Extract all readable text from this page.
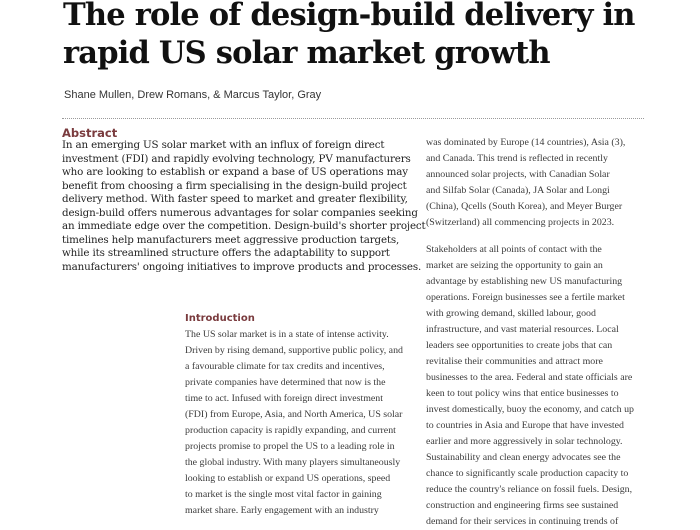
The role of design-build delivery in
rapid US solar market growth
Shane Mullen, Drew Romans, & Marcus Taylor, Gray
Abstract

In an emerging US solar market with an influx of foreign direct
investment (FDI) and rapidly evolving technology, PV manufacturers
who are looking to establish or expand a base of US operations may
benefit from choosing a firm specialising in the design-build project
delivery method. With faster speed to market and greater flexibility,
design-build offers numerous advantages for solar companies seeking
an immediate edge over the competition. Design-build's shorter project
timelines help manufacturers meet aggressive production targets,
while its streamlined structure offers the adaptability to support
manufacturers' ongoing initiatives to improve products and processes.

was dominated by Europe (14 countries), Asia (3),
and Canada. This trend is reflected in recently
announced solar projects, with Canadian Solar
and Silfab Solar (Canada), JA Solar and Longi
(China), Qcells (South Korea), and Meyer Burger
(Switzerland) all commencing projects in 2023.

Stakeholders at all points of contact with the
market are seizing the opportunity to gain an
advantage by establishing new US manufacturing
operations. Foreign businesses see a fertile market
with growing demand, skilled labour, good
infrastructure, and vast material resources. Local
leaders see opportunities to create jobs that can
revitalise their communities and attract more
businesses to the area. Federal and state officials are
keen to tout policy wins that entice businesses to
invest domestically, buoy the economy, and catch up
to countries in Asia and Europe that have invested
earlier and more aggressively in solar technology.
Sustainability and clean energy advocates see the
chance to significantly scale production capacity to
reduce the country's reliance on fossil fuels. Design,
construction and engineering firms see sustained
demand for their services in continuing trends of

Introduction

The US solar market is in a state of intense activity.
Driven by rising demand, supportive public policy, and
a favourable climate for tax credits and incentives,
private companies have determined that now is the
time to act. Infused with foreign direct investment
(FDI) from Europe, Asia, and North America, US solar
production capacity is rapidly expanding, and current
projects promise to propel the US to a leading role in
the global industry. With many players simultaneously
looking to establish or expand US operations, speed
to market is the single most vital factor in gaining
market share. Early engagement with an industry
